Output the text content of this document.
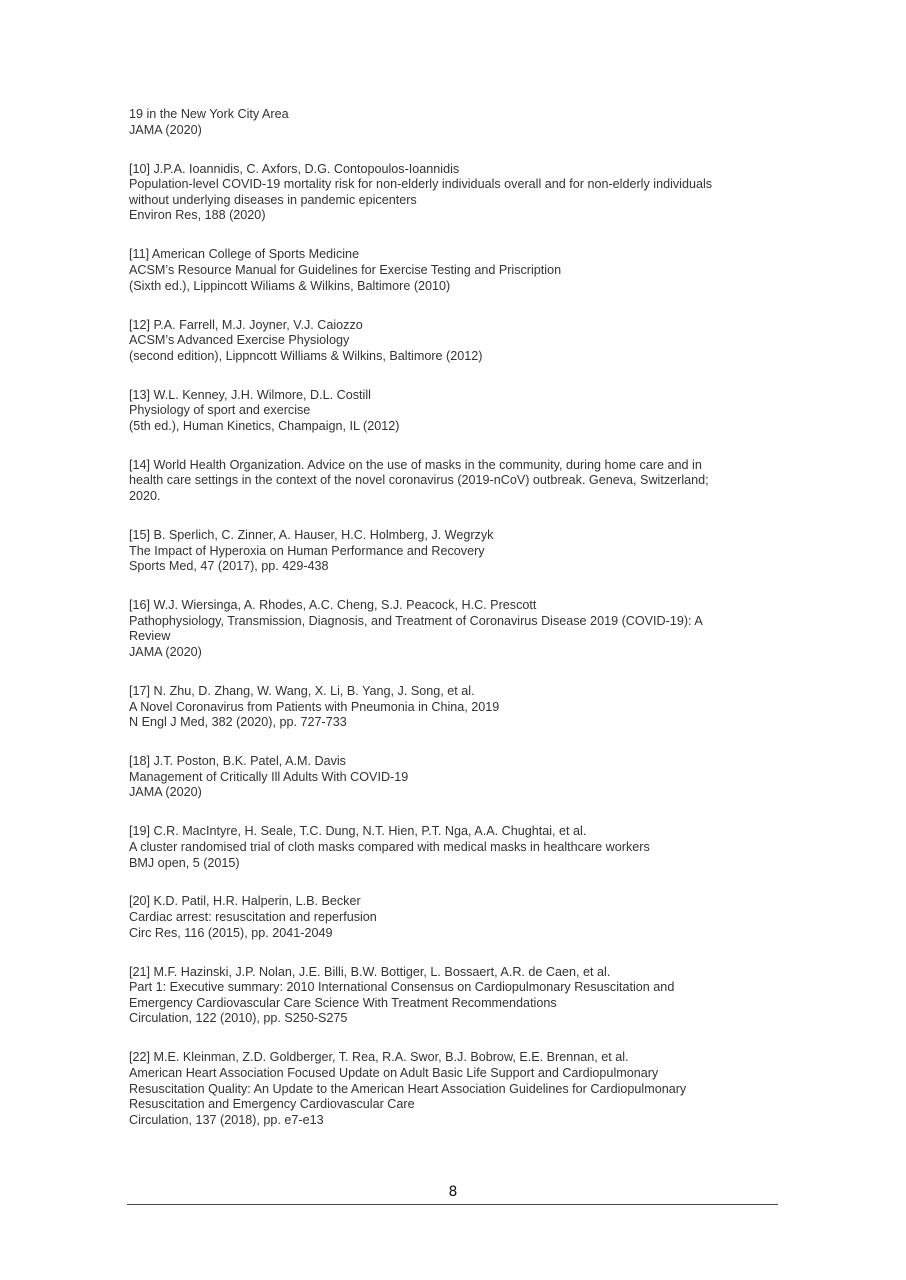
19 in the New York City Area
JAMA (2020)
[10] J.P.A. Ioannidis, C. Axfors, D.G. Contopoulos-Ioannidis
Population-level COVID-19 mortality risk for non-elderly individuals overall and for non-elderly individuals
without underlying diseases in pandemic epicenters
Environ Res, 188 (2020)
[11] American College of Sports Medicine
ACSM’s Resource Manual for Guidelines for Exercise Testing and Priscription
(Sixth ed.), Lippincott Wiliams & Wilkins, Baltimore (2010)
[12] P.A. Farrell, M.J. Joyner, V.J. Caiozzo
ACSM’s Advanced Exercise Physiology
(second edition), Lippncott Williams & Wilkins, Baltimore (2012)
[13] W.L. Kenney, J.H. Wilmore, D.L. Costill
Physiology of sport and exercise
(5th ed.), Human Kinetics, Champaign, IL (2012)
[14] World Health Organization. Advice on the use of masks in the community, during home care and in
health care settings in the context of the novel coronavirus (2019-nCoV) outbreak. Geneva, Switzerland;
2020.
[15] B. Sperlich, C. Zinner, A. Hauser, H.C. Holmberg, J. Wegrzyk
The Impact of Hyperoxia on Human Performance and Recovery
Sports Med, 47 (2017), pp. 429-438
[16] W.J. Wiersinga, A. Rhodes, A.C. Cheng, S.J. Peacock, H.C. Prescott
Pathophysiology, Transmission, Diagnosis, and Treatment of Coronavirus Disease 2019 (COVID-19): A
Review
JAMA (2020)
[17] N. Zhu, D. Zhang, W. Wang, X. Li, B. Yang, J. Song, et al.
A Novel Coronavirus from Patients with Pneumonia in China, 2019
N Engl J Med, 382 (2020), pp. 727-733
[18] J.T. Poston, B.K. Patel, A.M. Davis
Management of Critically Ill Adults With COVID-19
JAMA (2020)
[19] C.R. MacIntyre, H. Seale, T.C. Dung, N.T. Hien, P.T. Nga, A.A. Chughtai, et al.
A cluster randomised trial of cloth masks compared with medical masks in healthcare workers
BMJ open, 5 (2015)
[20] K.D. Patil, H.R. Halperin, L.B. Becker
Cardiac arrest: resuscitation and reperfusion
Circ Res, 116 (2015), pp. 2041-2049
[21] M.F. Hazinski, J.P. Nolan, J.E. Billi, B.W. Bottiger, L. Bossaert, A.R. de Caen, et al.
Part 1: Executive summary: 2010 International Consensus on Cardiopulmonary Resuscitation and
Emergency Cardiovascular Care Science With Treatment Recommendations
Circulation, 122 (2010), pp. S250-S275
[22] M.E. Kleinman, Z.D. Goldberger, T. Rea, R.A. Swor, B.J. Bobrow, E.E. Brennan, et al.
American Heart Association Focused Update on Adult Basic Life Support and Cardiopulmonary
Resuscitation Quality: An Update to the American Heart Association Guidelines for Cardiopulmonary
Resuscitation and Emergency Cardiovascular Care
Circulation, 137 (2018), pp. e7-e13
8
